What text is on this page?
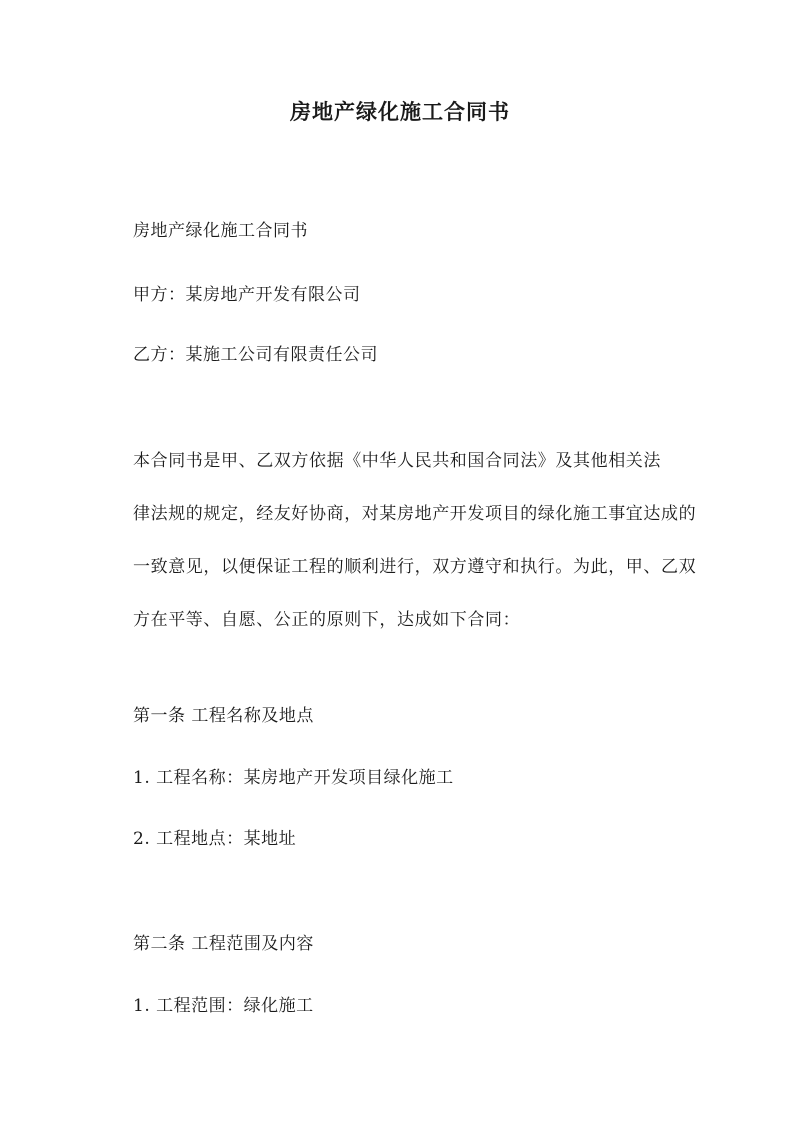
房地产绿化施工合同书
房地产绿化施工合同书
甲方：某房地产开发有限公司
乙方：某施工公司有限责任公司
本合同书是甲、乙双方依据《中华人民共和国合同法》及其他相关法
律法规的规定，经友好协商，对某房地产开发项目的绿化施工事宜达成的
一致意见，以便保证工程的顺利进行，双方遵守和执行。为此，甲、乙双
方在平等、自愿、公正的原则下，达成如下合同：
第一条 工程名称及地点
1. 工程名称：某房地产开发项目绿化施工
2. 工程地点：某地址
第二条 工程范围及内容
1. 工程范围：绿化施工
